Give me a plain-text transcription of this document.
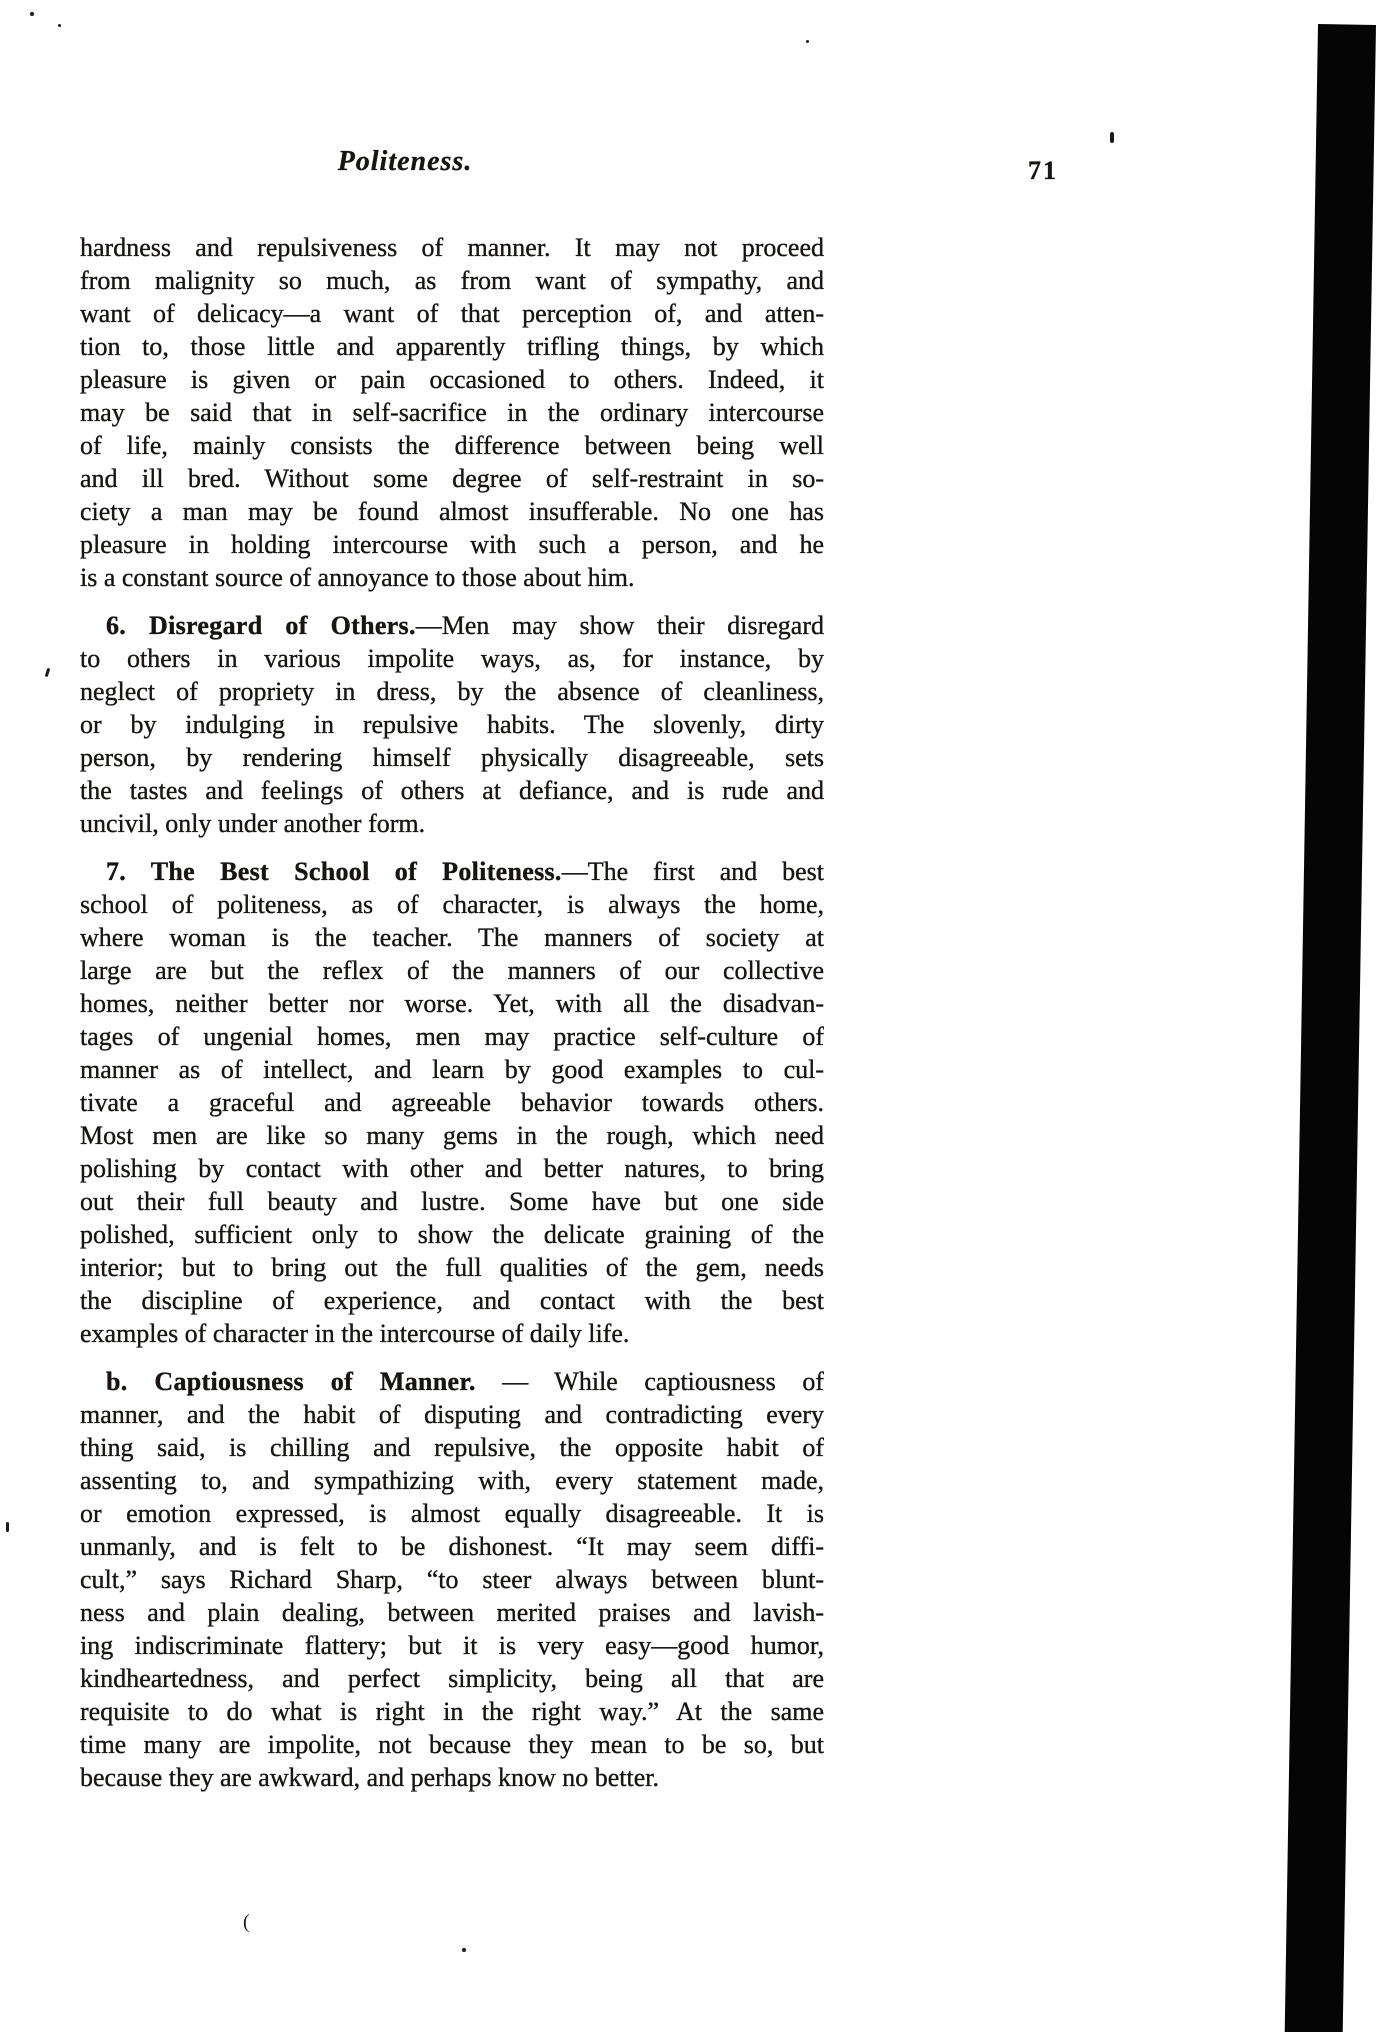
Politeness.	71
hardness and repulsiveness of manner. It may not proceed
from malignity so much, as from want of sympathy, and
want of delicacy—a want of that perception of, and atten-
tion to, those little and apparently trifling things, by which
pleasure is given or pain occasioned to others. Indeed, it
may be said that in self-sacrifice in the ordinary intercourse
of life, mainly consists the difference between being well
and ill bred. Without some degree of self-restraint in so-
ciety a man may be found almost insufferable. No one has
pleasure in holding intercourse with such a person, and he
is a constant source of annoyance to those about him.
6. Disregard of Others.—Men may show their disregard
to others in various impolite ways, as, for instance, by
neglect of propriety in dress, by the absence of cleanliness,
or by indulging in repulsive habits. The slovenly, dirty
person, by rendering himself physically disagreeable, sets
the tastes and feelings of others at defiance, and is rude and
uncivil, only under another form.
7. The Best School of Politeness.—The first and best
school of politeness, as of character, is always the home,
where woman is the teacher. The manners of society at
large are but the reflex of the manners of our collective
homes, neither better nor worse. Yet, with all the disadvan-
tages of ungenial homes, men may practice self-culture of
manner as of intellect, and learn by good examples to cul-
tivate a graceful and agreeable behavior towards others.
Most men are like so many gems in the rough, which need
polishing by contact with other and better natures, to bring
out their full beauty and lustre. Some have but one side
polished, sufficient only to show the delicate graining of the
interior; but to bring out the full qualities of the gem, needs
the discipline of experience, and contact with the best
examples of character in the intercourse of daily life.
b. Captiousness of Manner. — While captiousness of
manner, and the habit of disputing and contradicting every
thing said, is chilling and repulsive, the opposite habit of
assenting to, and sympathizing with, every statement made,
or emotion expressed, is almost equally disagreeable. It is
unmanly, and is felt to be dishonest. “It may seem diffi-
cult,” says Richard Sharp, “to steer always between blunt-
ness and plain dealing, between merited praises and lavish-
ing indiscriminate flattery; but it is very easy—good humor,
kindheartedness, and perfect simplicity, being all that are
requisite to do what is right in the right way.” At the same
time many are impolite, not because they mean to be so, but
because they are awkward, and perhaps know no better.
(
